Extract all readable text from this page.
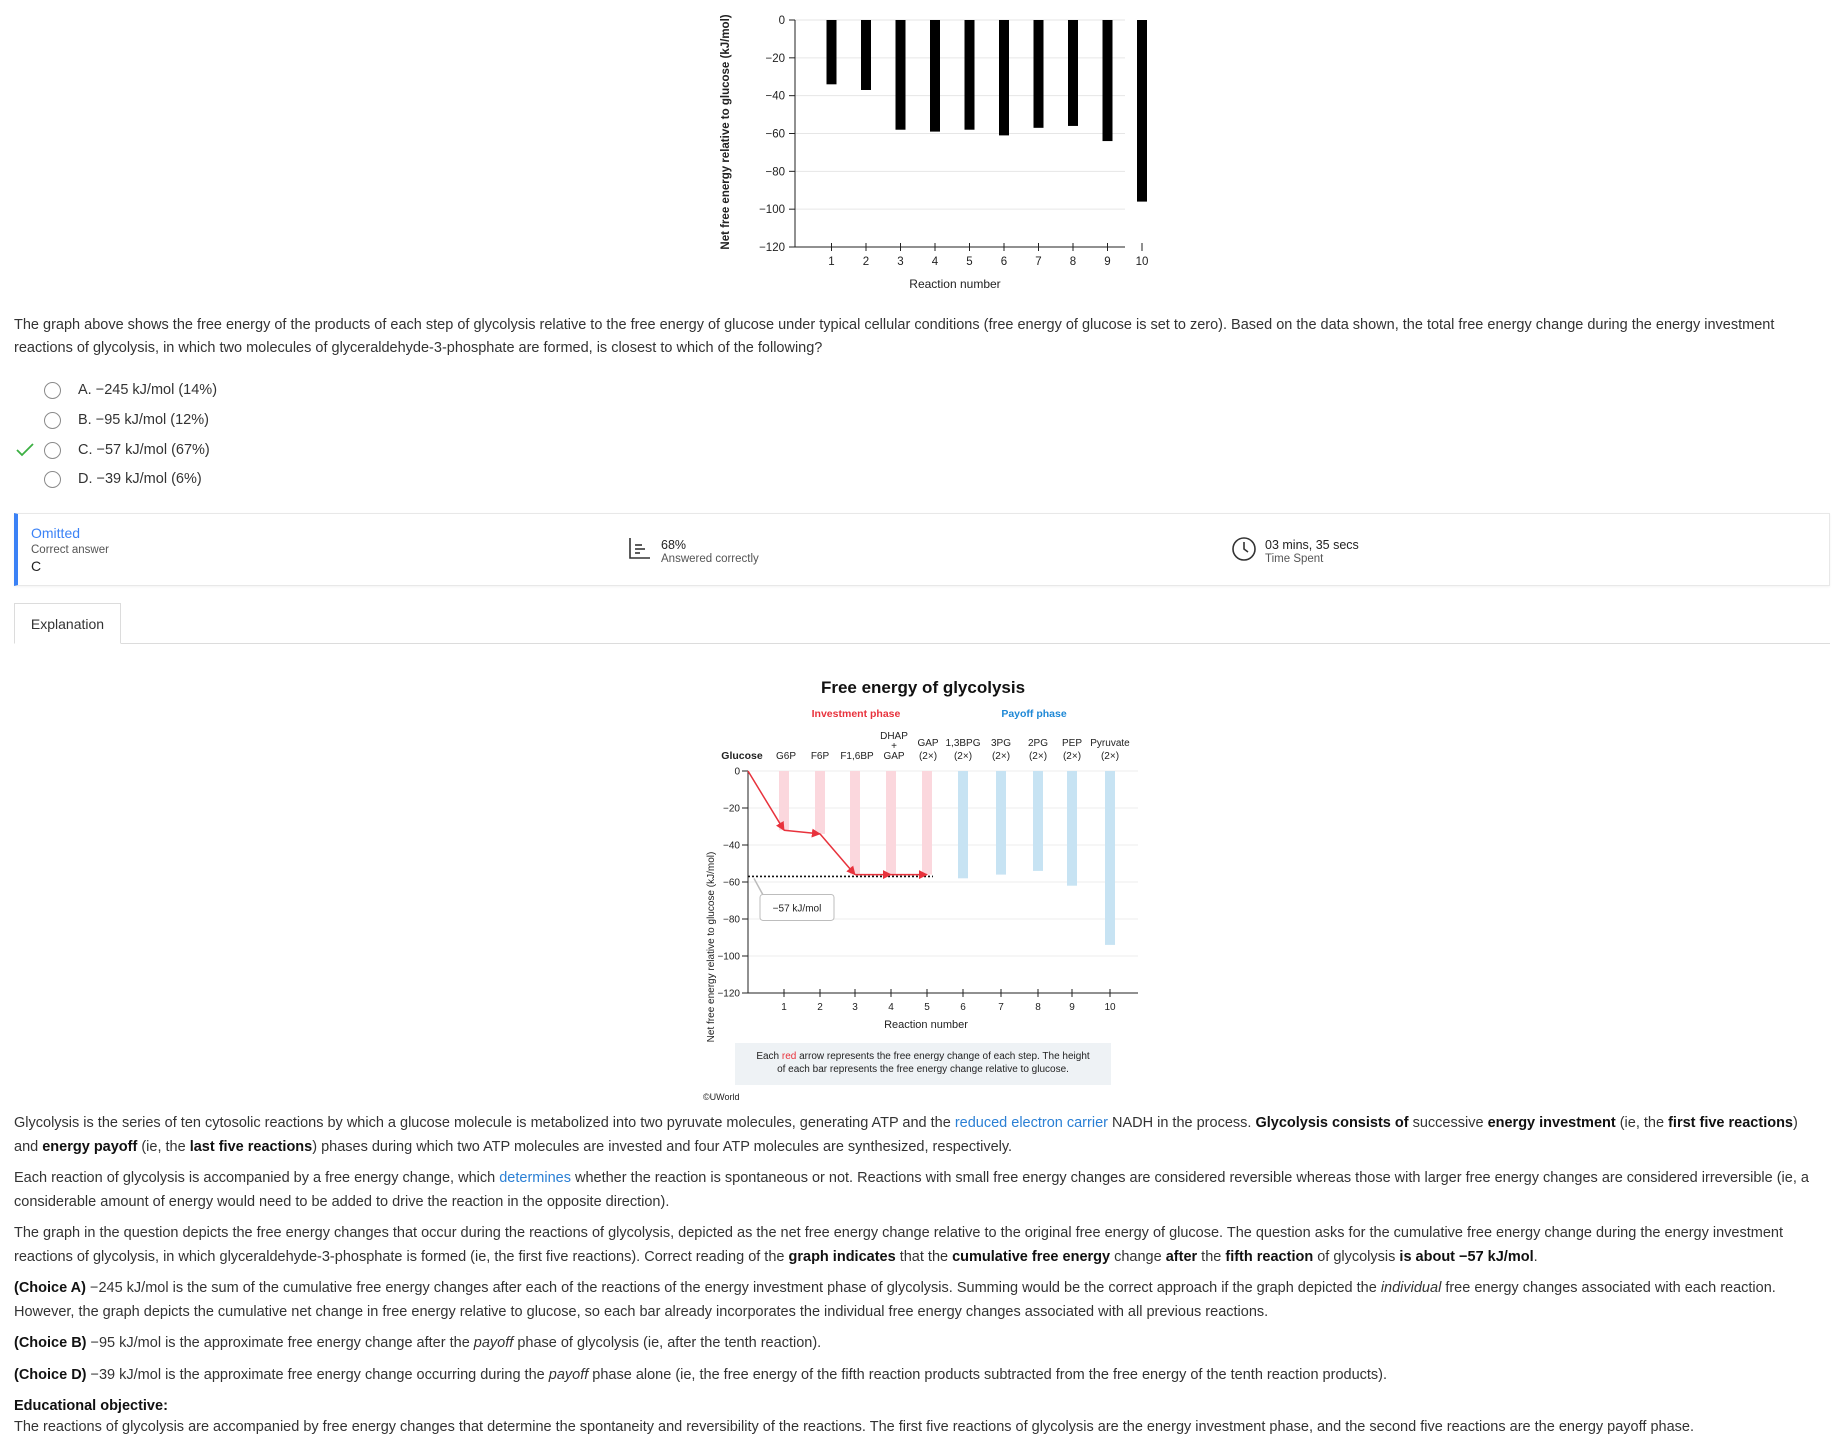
Net free energy relative to glucose (kJ/mol)	0
−20
−40
−60
−80
−100
−120
1 2 3 4 5 6 7 8 9 10
Reaction number
The graph above shows the free energy of the products of each step of glycolysis relative to the free energy of glucose under typical cellular conditions (free energy of glucose is set to zero). Based on the data shown, the total free energy change during the energy investment reactions of glycolysis, in which two molecules of glyceraldehyde-3-phosphate are formed, is closest to which of the following?
A. −245 kJ/mol (14%)
B. −95 kJ/mol (12%)
C. −57 kJ/mol (67%)
D. −39 kJ/mol (6%)
Omitted
Correct answer
C
68%
Answered correctly
03 mins, 35 secs
Time Spent
Explanation
Free energy of glycolysis
Investment phase	Payoff phase
Glucose G6P F6P F1,6BP
DHAP
+
GAP
GAP
(2×)
1,3BPG
(2×)
3PG
(2×)
2PG
(2×)
PEP
(2×)
Pyruvate
(2×)
Net free energy relative to glucose (kJ/mol)
0
−20
−40
−60
−80
−100
−120
1	2	3	4	5	6	7	8	9	10
−57 kJ/mol
Reaction number
Each red arrow represents the free energy change of each step. The height
of each bar represents the free energy change relative to glucose.
©UWorld
Glycolysis is the series of ten cytosolic reactions by which a glucose molecule is metabolized into two pyruvate molecules, generating ATP and the reduced electron carrier NADH in the process. Glycolysis consists of successive energy investment (ie, the first five reactions) and energy payoff (ie, the last five reactions) phases during which two ATP molecules are invested and four ATP molecules are synthesized, respectively.
Each reaction of glycolysis is accompanied by a free energy change, which determines whether the reaction is spontaneous or not. Reactions with small free energy changes are considered reversible whereas those with larger free energy changes are considered irreversible (ie, a considerable amount of energy would need to be added to drive the reaction in the opposite direction).
The graph in the question depicts the free energy changes that occur during the reactions of glycolysis, depicted as the net free energy change relative to the original free energy of glucose. The question asks for the cumulative free energy change during the energy investment reactions of glycolysis, in which glyceraldehyde-3-phosphate is formed (ie, the first five reactions). Correct reading of the graph indicates that the cumulative free energy change after the fifth reaction of glycolysis is about −57 kJ/mol.
(Choice A) −245 kJ/mol is the sum of the cumulative free energy changes after each of the reactions of the energy investment phase of glycolysis. Summing would be the correct approach if the graph depicted the individual free energy changes associated with each reaction. However, the graph depicts the cumulative net change in free energy relative to glucose, so each bar already incorporates the individual free energy changes associated with all previous reactions.
(Choice B) −95 kJ/mol is the approximate free energy change after the payoff phase of glycolysis (ie, after the tenth reaction).
(Choice D) −39 kJ/mol is the approximate free energy change occurring during the payoff phase alone (ie, the free energy of the fifth reaction products subtracted from the free energy of the tenth reaction products).
Educational objective:
The reactions of glycolysis are accompanied by free energy changes that determine the spontaneity and reversibility of the reactions. The first five reactions of glycolysis are the energy investment phase, and the second five reactions are the energy payoff phase.
